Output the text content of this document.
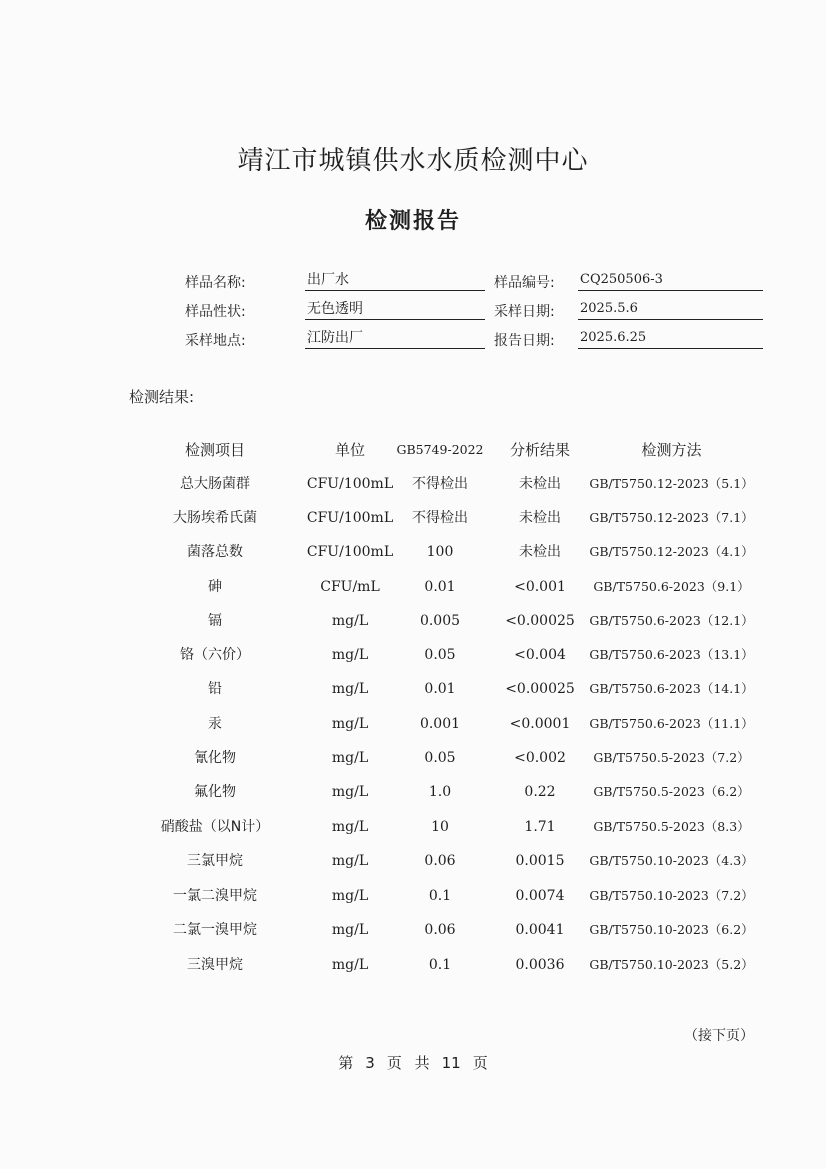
靖江市城镇供水水质检测中心
检测报告
样品名称:	出厂水	样品编号: CQ250506-3
样品性状:	无色透明	采样日期: 2025.5.6
采样地点:	江防出厂	报告日期: 2025.6.25
检测结果:
检测项目	单位	GB5749-2022	分析结果	检测方法
总大肠菌群	CFU/100mL	不得检出	未检出	GB/T5750.12-2023（5.1）
大肠埃希氏菌	CFU/100mL	不得检出	未检出	GB/T5750.12-2023（7.1）
菌落总数	CFU/100mL	100	未检出	GB/T5750.12-2023（4.1）
砷	CFU/mL	0.01	<0.001	GB/T5750.6-2023（9.1）
镉	mg/L	0.005	<0.00025	GB/T5750.6-2023（12.1）
铬（六价）	mg/L	0.05	<0.004	GB/T5750.6-2023（13.1）
铅	mg/L	0.01	<0.00025	GB/T5750.6-2023（14.1）
汞	mg/L	0.001	<0.0001	GB/T5750.6-2023（11.1）
氰化物	mg/L	0.05	<0.002	GB/T5750.5-2023（7.2）
氟化物	mg/L	1.0	0.22	GB/T5750.5-2023（6.2）
硝酸盐（以N计）	mg/L	10	1.71	GB/T5750.5-2023（8.3）
三氯甲烷	mg/L	0.06	0.0015	GB/T5750.10-2023（4.3）
一氯二溴甲烷	mg/L	0.1	0.0074	GB/T5750.10-2023（7.2）
二氯一溴甲烷	mg/L	0.06	0.0041	GB/T5750.10-2023（6.2）
三溴甲烷	mg/L	0.1	0.0036	GB/T5750.10-2023（5.2）
（接下页）
第 3 页 共 11 页
